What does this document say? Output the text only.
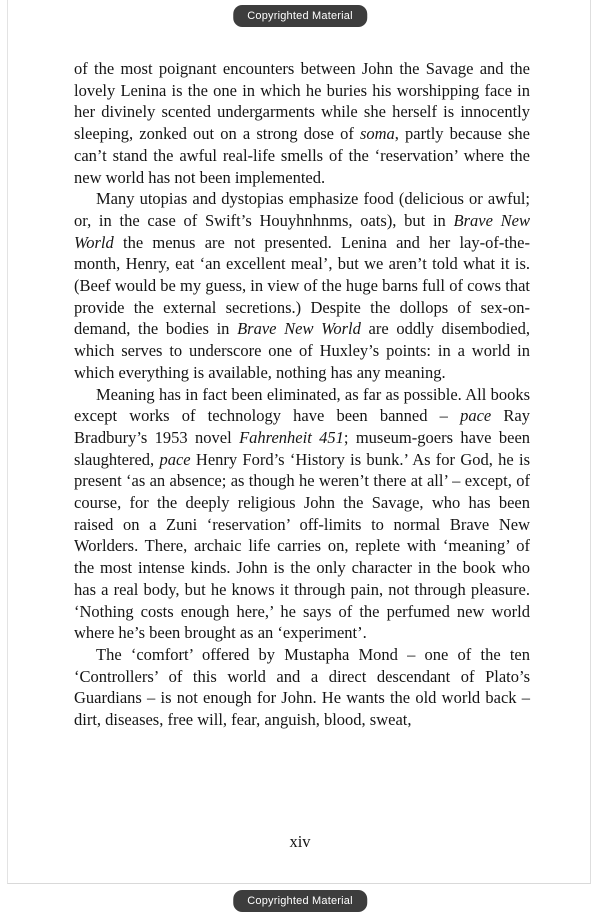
Copyrighted Material

of the most poignant encounters between John the Savage and the lovely Lenina is the one in which he buries his worshipping face in her divinely scented undergarments while she herself is innocently sleeping, zonked out on a strong dose of soma, partly because she can’t stand the awful real-life smells of the ‘reservation’ where the new world has not been implemented.

Many utopias and dystopias emphasize food (delicious or awful; or, in the case of Swift’s Houyhnhnms, oats), but in Brave New World the menus are not presented. Lenina and her lay-of-the-month, Henry, eat ‘an excellent meal’, but we aren’t told what it is. (Beef would be my guess, in view of the huge barns full of cows that provide the external secretions.) Despite the dollops of sex-on-demand, the bodies in Brave New World are oddly disembodied, which serves to underscore one of Huxley’s points: in a world in which everything is available, nothing has any meaning.

Meaning has in fact been eliminated, as far as possible. All books except works of technology have been banned – pace Ray Bradbury’s 1953 novel Fahrenheit 451; museum-goers have been slaughtered, pace Henry Ford’s ‘History is bunk.’ As for God, he is present ‘as an absence; as though he weren’t there at all’ – except, of course, for the deeply religious John the Savage, who has been raised on a Zuni ‘reservation’ off-limits to normal Brave New Worlders. There, archaic life carries on, replete with ‘meaning’ of the most intense kinds. John is the only character in the book who has a real body, but he knows it through pain, not through pleasure. ‘Nothing costs enough here,’ he says of the perfumed new world where he’s been brought as an ‘experiment’.

The ‘comfort’ offered by Mustapha Mond – one of the ten ‘Controllers’ of this world and a direct descendant of Plato’s Guardians – is not enough for John. He wants the old world back – dirt, diseases, free will, fear, anguish, blood, sweat,

xiv
Copyrighted Material
